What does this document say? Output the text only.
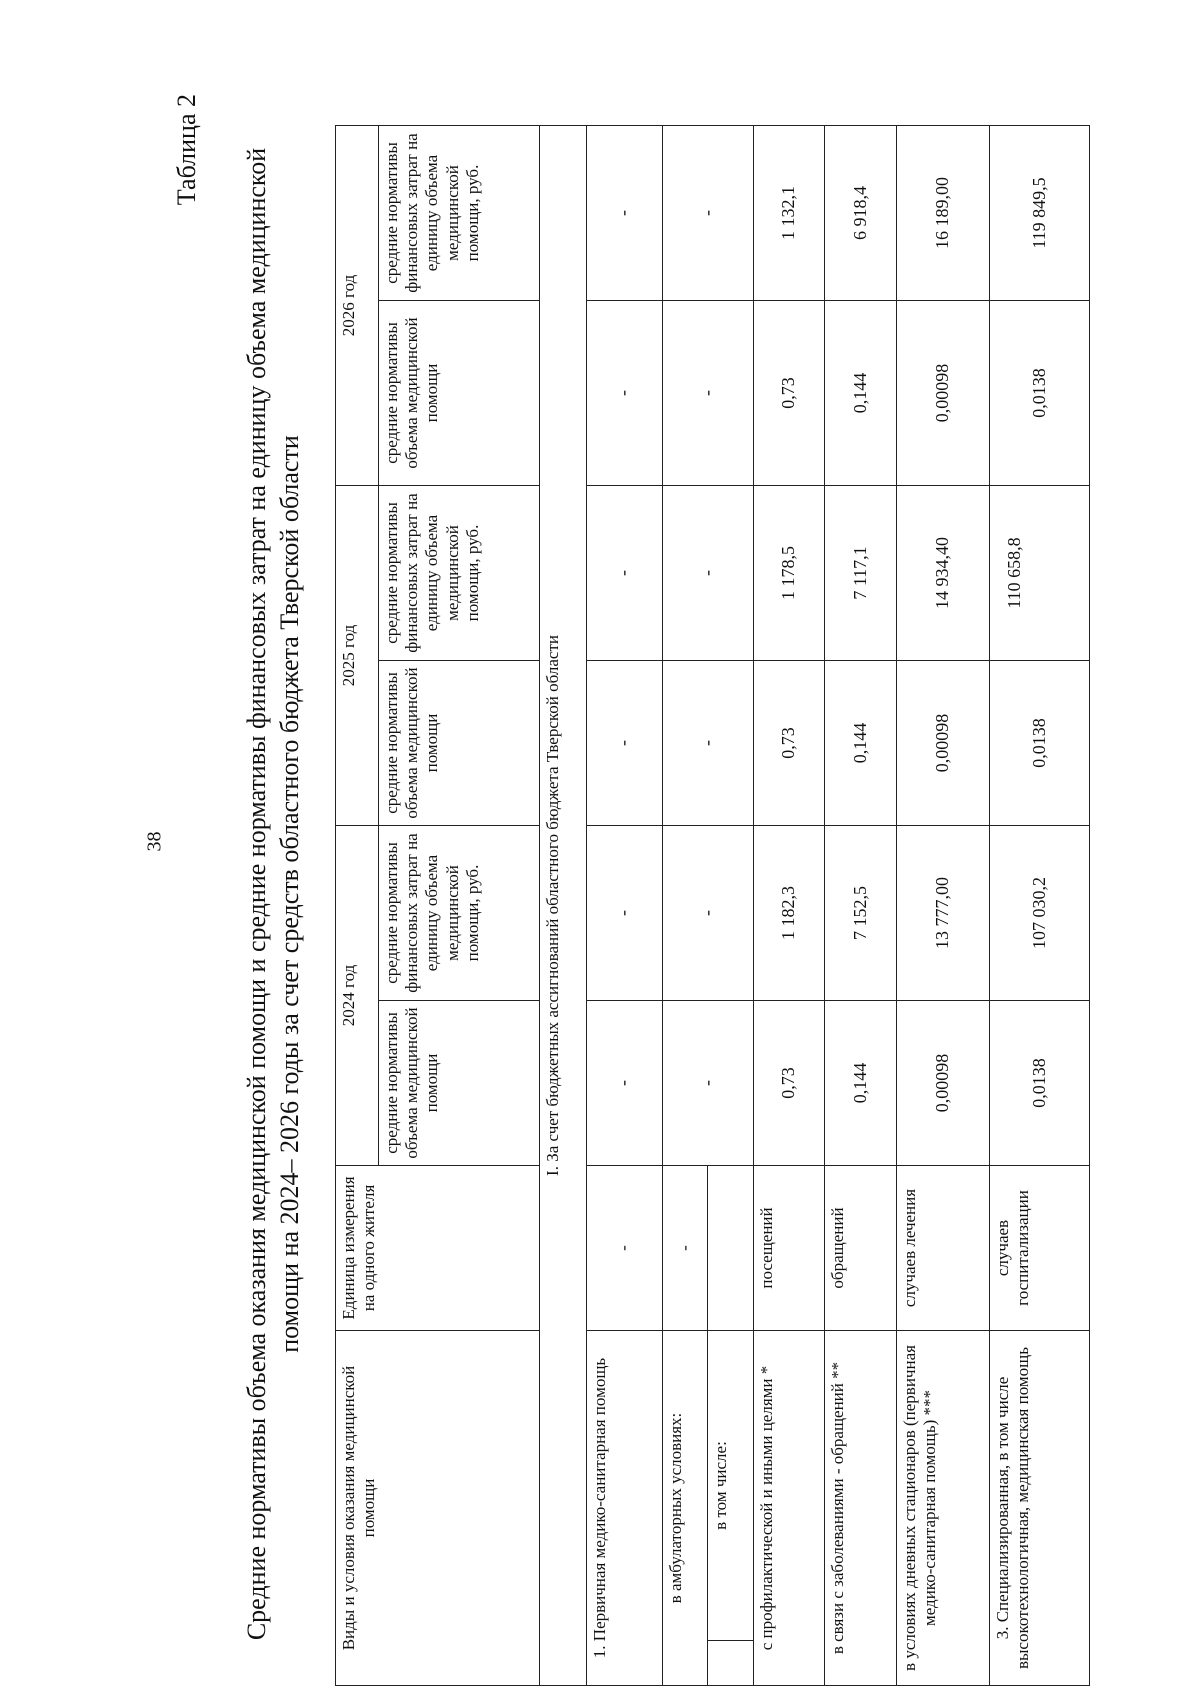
38
Таблица 2 Средние нормативы объема оказания медицинской помощи и средние нормативы финансовых затрат на единицу объема медицинской помощи на 2024– 2026 годы за счет средств областного бюджета Тверской области
Виды и условия оказания медицинской помощи		Единица измерения на одного жителя	2024 год		2025 год		2026 год	
			средние нормативы объема медицинской помощи	средние нормативы финансовых затрат на единицу объема медицинской помощи, руб.	средние нормативы объема медицинской помощи	средние нормативы финансовых затрат на единицу объема медицинской помощи, руб.	средние нормативы объема медицинской помощи	средние нормативы финансовых затрат на единицу объема медицинской помощи, руб.
I. За счет бюджетных ассигнований областного бюджета Тверской области								
1. Первичная медико-санитарная помощь		-	-	-	-	-	-	-
в амбулаторных условиях:		-	-	-	-	-	-	-
	в том числе:							
с профилактической и иными целями *		посещений	0,73	1 182,3	0,73	1 178,5	0,73	1 132,1
в связи с заболеваниями - обращений **		обращений	0,144	7 152,5	0,144	7 117,1	0,144	6 918,4
в условиях дневных стационаров (первичная медико-санитарная помощь) ***		случаев лечения	0,00098	13 777,00	0,00098	14 934,40	0,00098	16 189,00
3. Специализированная, в том числе высокотехнологичная, медицинская помощь		случаев госпитализации	0,0138	107 030,2	0,0138	110 658,8	0,0138	119 849,5
